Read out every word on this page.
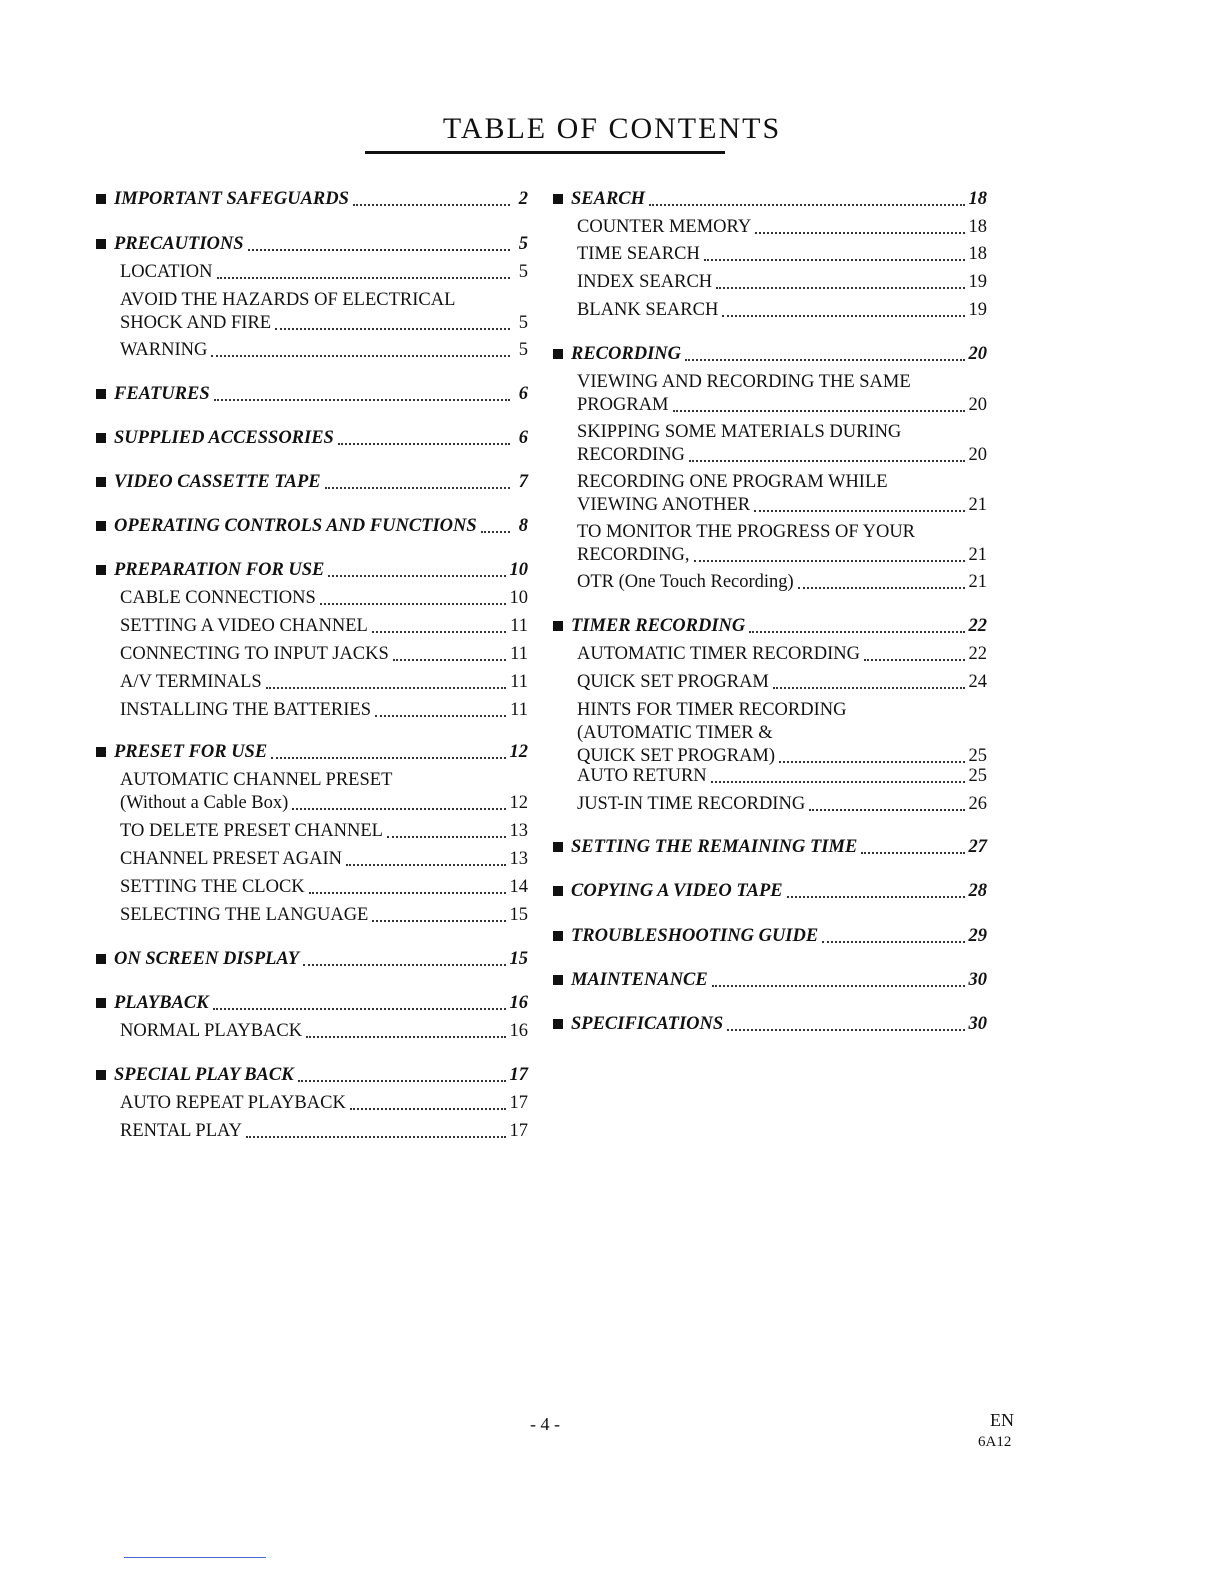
TABLE OF CONTENTS
IMPORTANT SAFEGUARDS	2
PRECAUTIONS	5
LOCATION	5
AVOID THE HAZARDS OF ELECTRICAL
SHOCK AND FIRE	5
WARNING	5
FEATURES	6
SUPPLIED ACCESSORIES	6
VIDEO CASSETTE TAPE	7
OPERATING CONTROLS AND FUNCTIONS 8
PREPARATION FOR USE	10
CABLE CONNECTIONS	10
SETTING A VIDEO CHANNEL	11
CONNECTING TO INPUT JACKS	11
A/V TERMINALS	11
INSTALLING THE BATTERIES	11
PRESET FOR USE	12
AUTOMATIC CHANNEL PRESET
(Without a Cable Box)	12
TO DELETE PRESET CHANNEL	13
CHANNEL PRESET AGAIN	13
SETTING THE CLOCK	14
SELECTING THE LANGUAGE	15
ON SCREEN DISPLAY	15
PLAYBACK	16
NORMAL PLAYBACK	16
SPECIAL PLAY BACK	17
AUTO REPEAT PLAYBACK	17
RENTAL PLAY	17
SEARCH	18
COUNTER MEMORY	18
TIME SEARCH	18
INDEX SEARCH	19
BLANK SEARCH	19
RECORDING	20
VIEWING AND RECORDING THE SAME
PROGRAM	20
SKIPPING SOME MATERIALS DURING
RECORDING	20
RECORDING ONE PROGRAM WHILE
VIEWING ANOTHER	21
TO MONITOR THE PROGRESS OF YOUR
RECORDING,	21
OTR (One Touch Recording)	21
TIMER RECORDING	22
AUTOMATIC TIMER RECORDING	22
QUICK SET PROGRAM	24
HINTS FOR TIMER RECORDING
(AUTOMATIC TIMER &
QUICK SET PROGRAM)	25
AUTO RETURN	25
JUST-IN TIME RECORDING	26
SETTING THE REMAINING TIME	27
COPYING A VIDEO TAPE	28
TROUBLESHOOTING GUIDE	29
MAINTENANCE	30
SPECIFICATIONS	30
- 4 -	EN
6A12
